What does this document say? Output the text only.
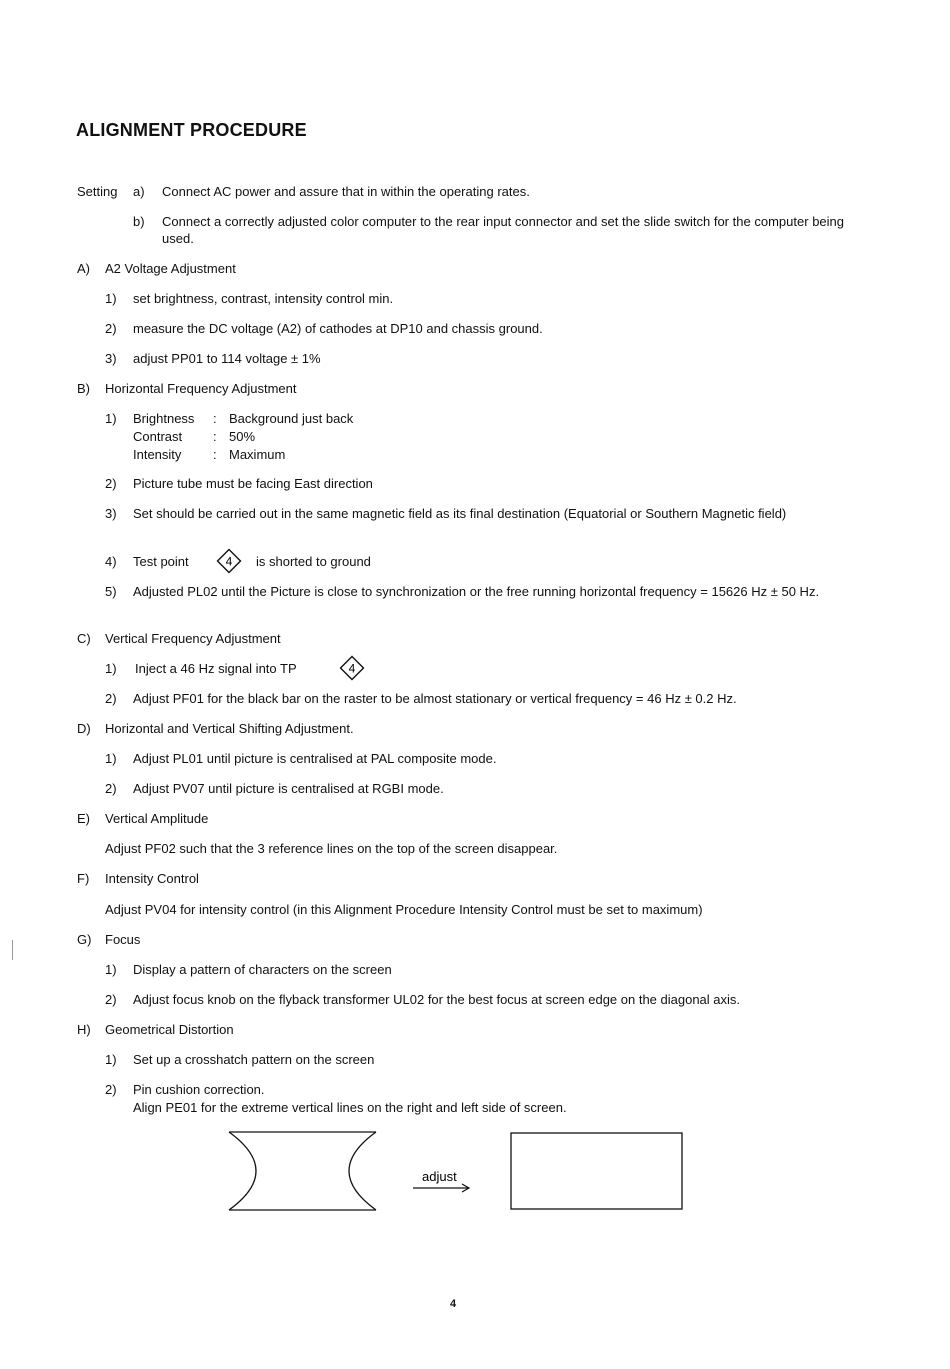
ALIGNMENT PROCEDURE
Setting a) Connect AC power and assure that in within the operating rates.
b) Connect a correctly adjusted color computer to the rear input connector and set the slide switch for the computer being used.
A) A2 Voltage Adjustment
1) set brightness, contrast, intensity control min.
2) measure the DC voltage (A2) of cathodes at DP10 and chassis ground.
3) adjust PP01 to 114 voltage ± 1%
B) Horizontal Frequency Adjustment
1) Brightness	: Background just back
Contrast	: 50%
Intensity	: Maximum
2) Picture tube must be facing East direction
3) Set should be carried out in the same magnetic field as its final destination (Equatorial or Southern Magnetic field)
4) Test point	4 is shorted to ground
5) Adjusted PL02 until the Picture is close to synchronization or the free running horizontal frequency = 15626 Hz ± 50 Hz.
C) Vertical Frequency Adjustment
1) Inject a 46 Hz signal into TP	4
2) Adjust PF01 for the black bar on the raster to be almost stationary or vertical frequency = 46 Hz ± 0.2 Hz.
D) Horizontal and Vertical Shifting Adjustment.
1) Adjust PL01 until picture is centralised at PAL composite mode.
2) Adjust PV07 until picture is centralised at RGBI mode.
E) Vertical Amplitude
Adjust PF02 such that the 3 reference lines on the top of the screen disappear.
F) Intensity Control
Adjust PV04 for intensity control (in this Alignment Procedure Intensity Control must be set to maximum)
G) Focus
1) Display a pattern of characters on the screen
2) Adjust focus knob on the flyback transformer UL02 for the best focus at screen edge on the diagonal axis.
H) Geometrical Distortion
1) Set up a crosshatch pattern on the screen
2) Pin cushion correction.
Align PE01 for the extreme vertical lines on the right and left side of screen.
adjust
4
